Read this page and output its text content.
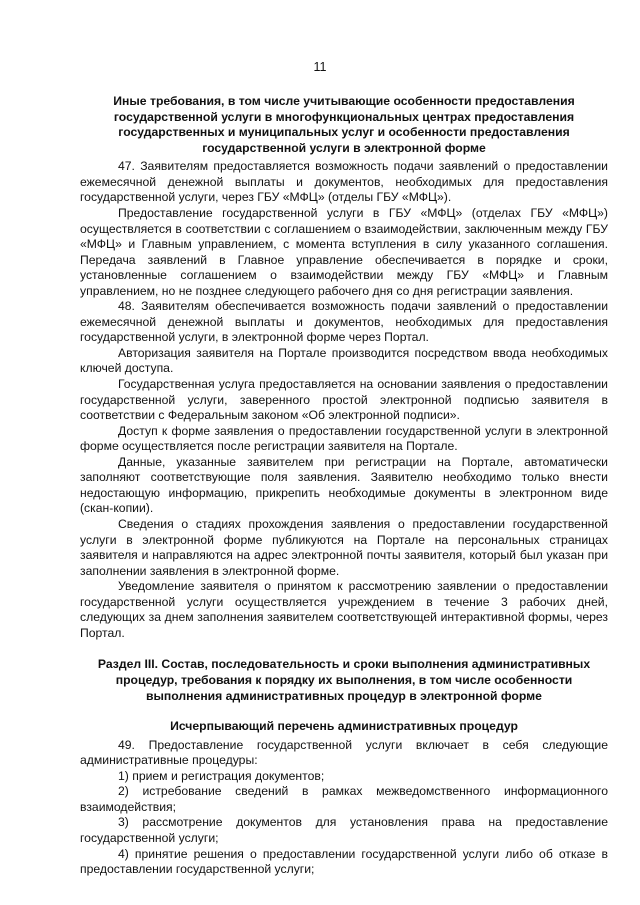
11
Иные требования, в том числе учитывающие особенности предоставления государственной услуги в многофункциональных центрах предоставления государственных и муниципальных услуг и особенности предоставления государственной услуги в электронной форме

47. Заявителям предоставляется возможность подачи заявлений о предоставлении ежемесячной денежной выплаты и документов, необходимых для предоставления государственной услуги, через ГБУ «МФЦ» (отделы ГБУ «МФЦ»).

Предоставление государственной услуги в ГБУ «МФЦ» (отделах ГБУ «МФЦ») осуществляется в соответствии с соглашением о взаимодействии, заключенным между ГБУ «МФЦ» и Главным управлением, с момента вступления в силу указанного соглашения. Передача заявлений в Главное управление обеспечивается в порядке и сроки, установленные соглашением о взаимодействии между ГБУ «МФЦ» и Главным управлением, но не позднее следующего рабочего дня со дня регистрации заявления.

48. Заявителям обеспечивается возможность подачи заявлений о предоставлении ежемесячной денежной выплаты и документов, необходимых для предоставления государственной услуги, в электронной форме через Портал.

Авторизация заявителя на Портале производится посредством ввода необходимых ключей доступа.

Государственная услуга предоставляется на основании заявления о предоставлении государственной услуги, заверенного простой электронной подписью заявителя в соответствии с Федеральным законом «Об электронной подписи».

Доступ к форме заявления о предоставлении государственной услуги в электронной форме осуществляется после регистрации заявителя на Портале.

Данные, указанные заявителем при регистрации на Портале, автоматически заполняют соответствующие поля заявления. Заявителю необходимо только внести недостающую информацию, прикрепить необходимые документы в электронном виде (скан-копии).

Сведения о стадиях прохождения заявления о предоставлении государственной услуги в электронной форме публикуются на Портале на персональных страницах заявителя и направляются на адрес электронной почты заявителя, который был указан при заполнении заявления в электронной форме.

Уведомление заявителя о принятом к рассмотрению заявлении о предоставлении государственной услуги осуществляется учреждением в течение 3 рабочих дней, следующих за днем заполнения заявителем соответствующей интерактивной формы, через Портал.

Раздел III. Состав, последовательность и сроки выполнения административных процедур, требования к порядку их выполнения, в том числе особенности выполнения административных процедур в электронной форме
Исчерпывающий перечень административных процедур

49. Предоставление государственной услуги включает в себя следующие административные процедуры:

1) прием и регистрация документов;

2) истребование сведений в рамках межведомственного информационного взаимодействия;

3) рассмотрение документов для установления права на предоставление государственной услуги;

4) принятие решения о предоставлении государственной услуги либо об отказе в предоставлении государственной услуги;
